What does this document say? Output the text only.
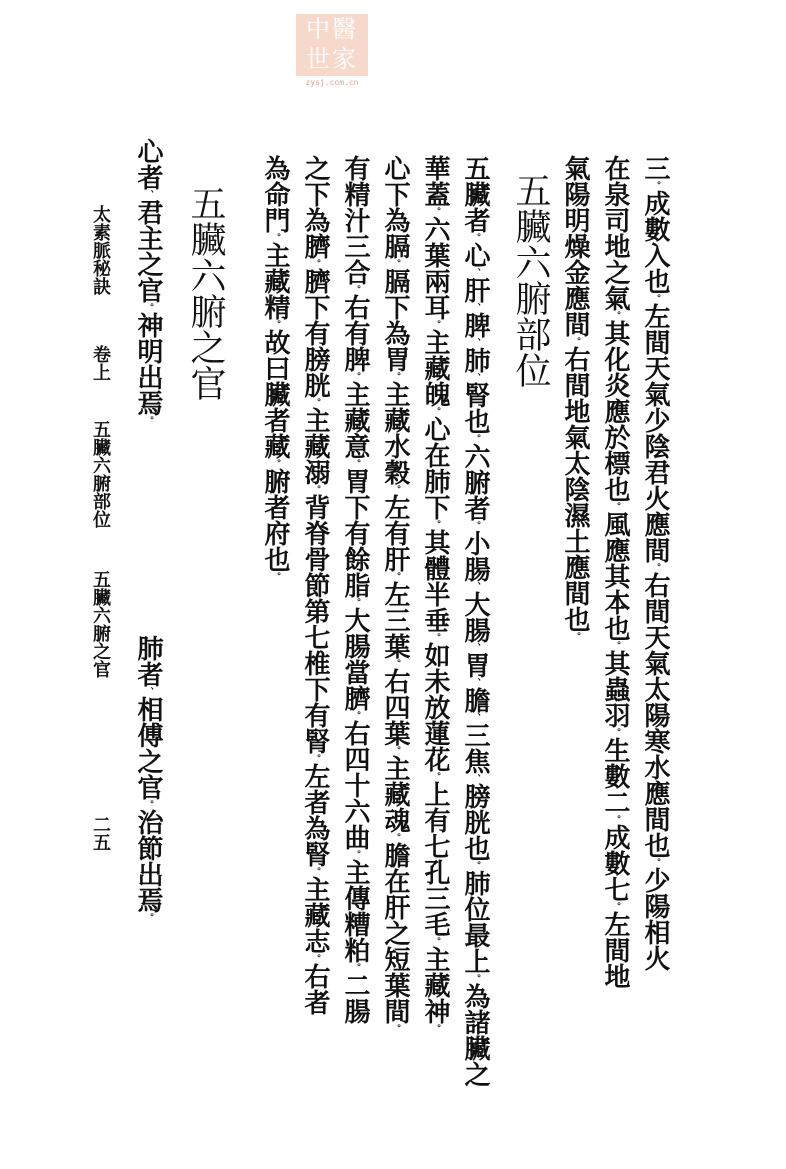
中醫
世家
zysj.com.cn
三。成數入也。左間天氣少陰君火應間。右間天氣太陽寒水應間也。少陽相火
在泉司地之氣。其化炎應於標也。風應其本也。其蟲羽。生數二。成數七。左間地
氣陽明燥金應間。右間地氣太陰濕土應間也。
五臟六腑部位
五臟者。心、肝、脾、肺、腎也。六腑者。小腸、大腸、胃、膽、三焦、膀胱也。肺位最上。為諸臟之
華蓋。六葉兩耳。主藏魄。心在肺下。其體半垂。如未放蓮花。上有七孔三毛。主藏神。
心下為膈。膈下為胃。主藏水穀。左有肝。左三葉。右四葉。主藏魂。膽在肝之短葉間。
有精汁三合。右有脾。主藏意。胃下有餘脂。大腸當臍。右四十六曲。主傳糟粕。二腸
之下為臍。臍下有膀胱。主藏溺。背脊骨節第七椎下有腎。左者為腎。主藏志。右者
為命門。主藏精。故曰臟者藏。腑者府也。
五臟六腑之官
心者、君主之官。神明出焉。
肺者、相傅之官。治節出焉。
太素脈秘訣
卷上
五臟六腑部位
五臟六腑之官
二五
